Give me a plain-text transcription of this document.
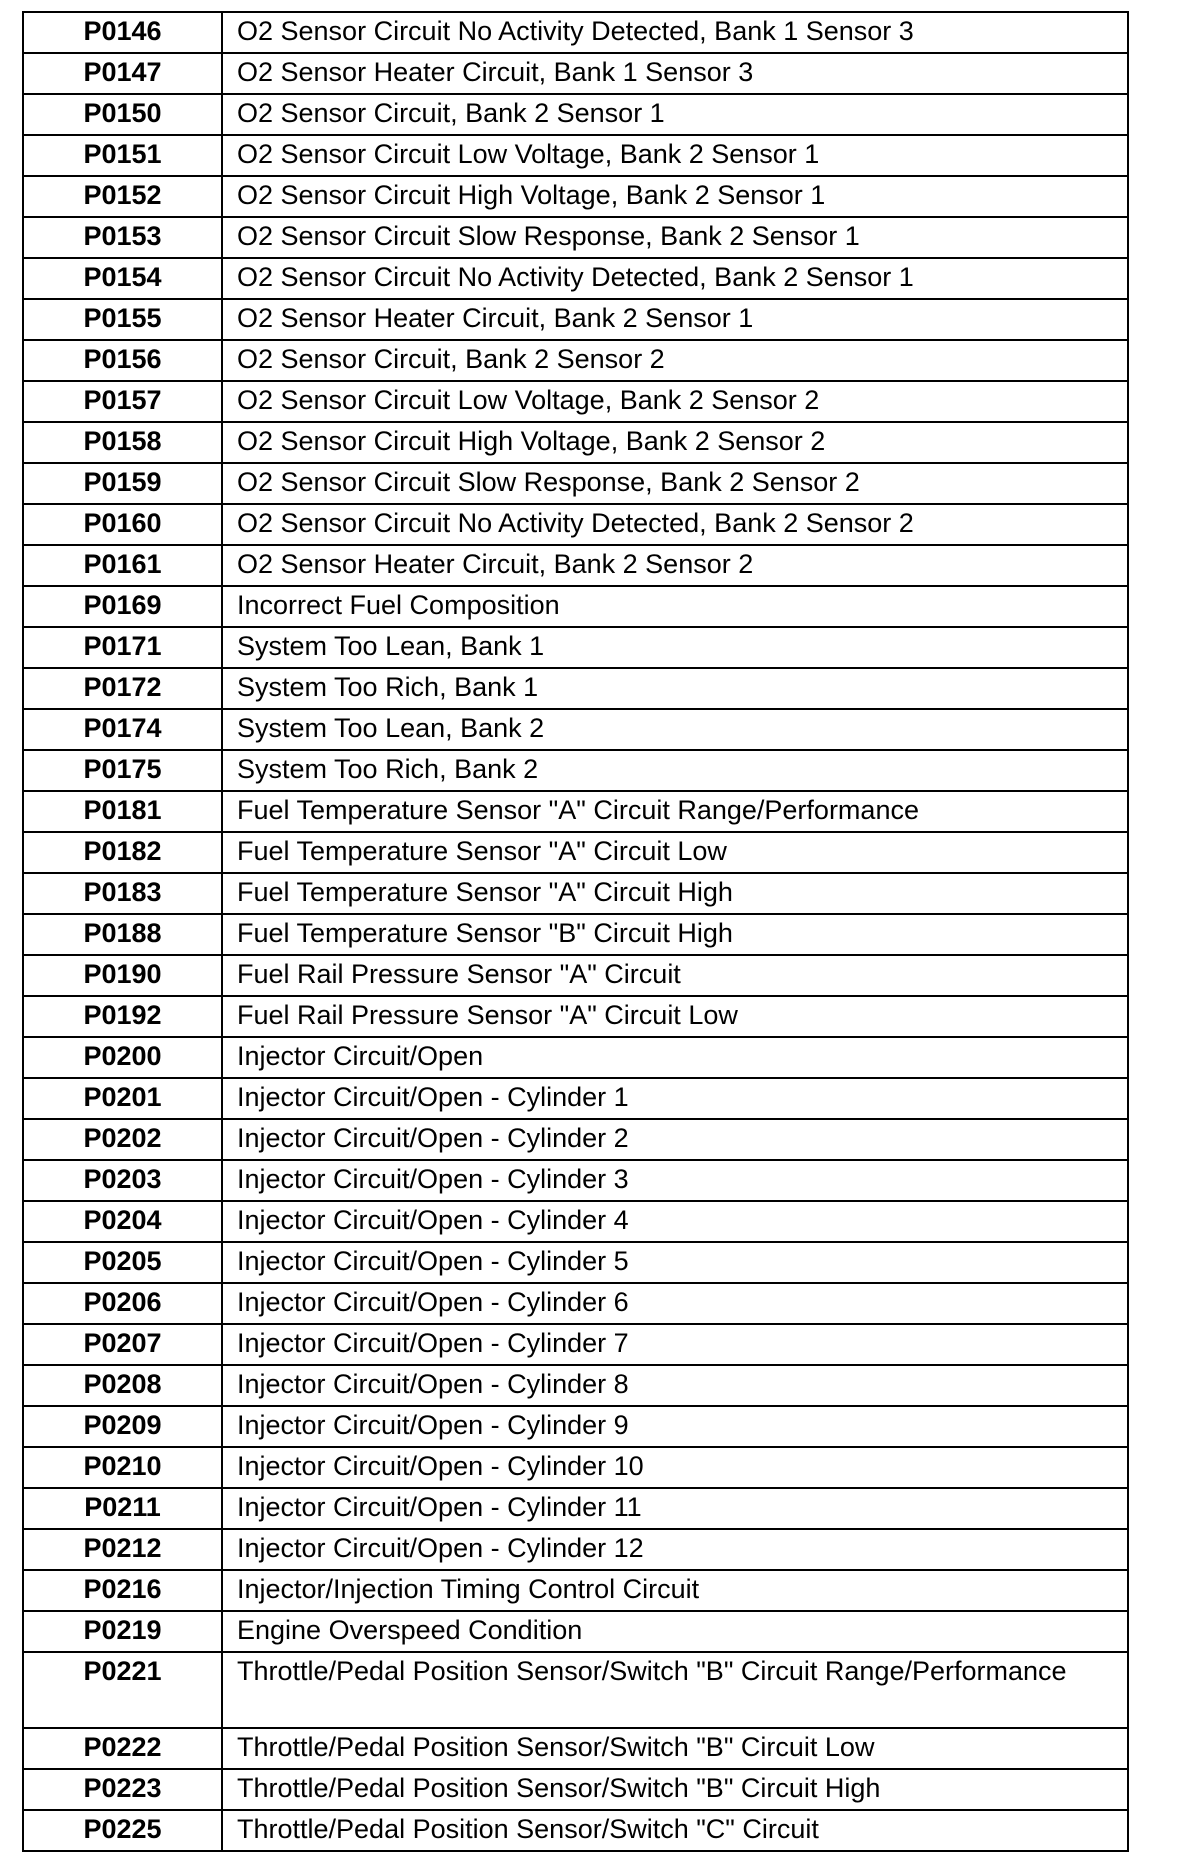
P0146	O2 Sensor Circuit No Activity Detected, Bank 1 Sensor 3
P0147	O2 Sensor Heater Circuit, Bank 1 Sensor 3
P0150	O2 Sensor Circuit, Bank 2 Sensor 1
P0151	O2 Sensor Circuit Low Voltage, Bank 2 Sensor 1
P0152	O2 Sensor Circuit High Voltage, Bank 2 Sensor 1
P0153	O2 Sensor Circuit Slow Response, Bank 2 Sensor 1
P0154	O2 Sensor Circuit No Activity Detected, Bank 2 Sensor 1
P0155	O2 Sensor Heater Circuit, Bank 2 Sensor 1
P0156	O2 Sensor Circuit, Bank 2 Sensor 2
P0157	O2 Sensor Circuit Low Voltage, Bank 2 Sensor 2
P0158	O2 Sensor Circuit High Voltage, Bank 2 Sensor 2
P0159	O2 Sensor Circuit Slow Response, Bank 2 Sensor 2
P0160	O2 Sensor Circuit No Activity Detected, Bank 2 Sensor 2
P0161	O2 Sensor Heater Circuit, Bank 2 Sensor 2
P0169	Incorrect Fuel Composition
P0171	System Too Lean, Bank 1
P0172	System Too Rich, Bank 1
P0174	System Too Lean, Bank 2
P0175	System Too Rich, Bank 2
P0181	Fuel Temperature Sensor "A" Circuit Range/Performance
P0182	Fuel Temperature Sensor "A" Circuit Low
P0183	Fuel Temperature Sensor "A" Circuit High
P0188	Fuel Temperature Sensor "B" Circuit High
P0190	Fuel Rail Pressure Sensor "A" Circuit
P0192	Fuel Rail Pressure Sensor "A" Circuit Low
P0200	Injector Circuit/Open
P0201	Injector Circuit/Open - Cylinder 1
P0202	Injector Circuit/Open - Cylinder 2
P0203	Injector Circuit/Open - Cylinder 3
P0204	Injector Circuit/Open - Cylinder 4
P0205	Injector Circuit/Open - Cylinder 5
P0206	Injector Circuit/Open - Cylinder 6
P0207	Injector Circuit/Open - Cylinder 7
P0208	Injector Circuit/Open - Cylinder 8
P0209	Injector Circuit/Open - Cylinder 9
P0210	Injector Circuit/Open - Cylinder 10
P0211	Injector Circuit/Open - Cylinder 11
P0212	Injector Circuit/Open - Cylinder 12
P0216	Injector/Injection Timing Control Circuit
P0219	Engine Overspeed Condition
P0221	Throttle/Pedal Position Sensor/Switch "B" Circuit Range/Performance
P0222	Throttle/Pedal Position Sensor/Switch "B" Circuit Low
P0223	Throttle/Pedal Position Sensor/Switch "B" Circuit High
P0225	Throttle/Pedal Position Sensor/Switch "C" Circuit
